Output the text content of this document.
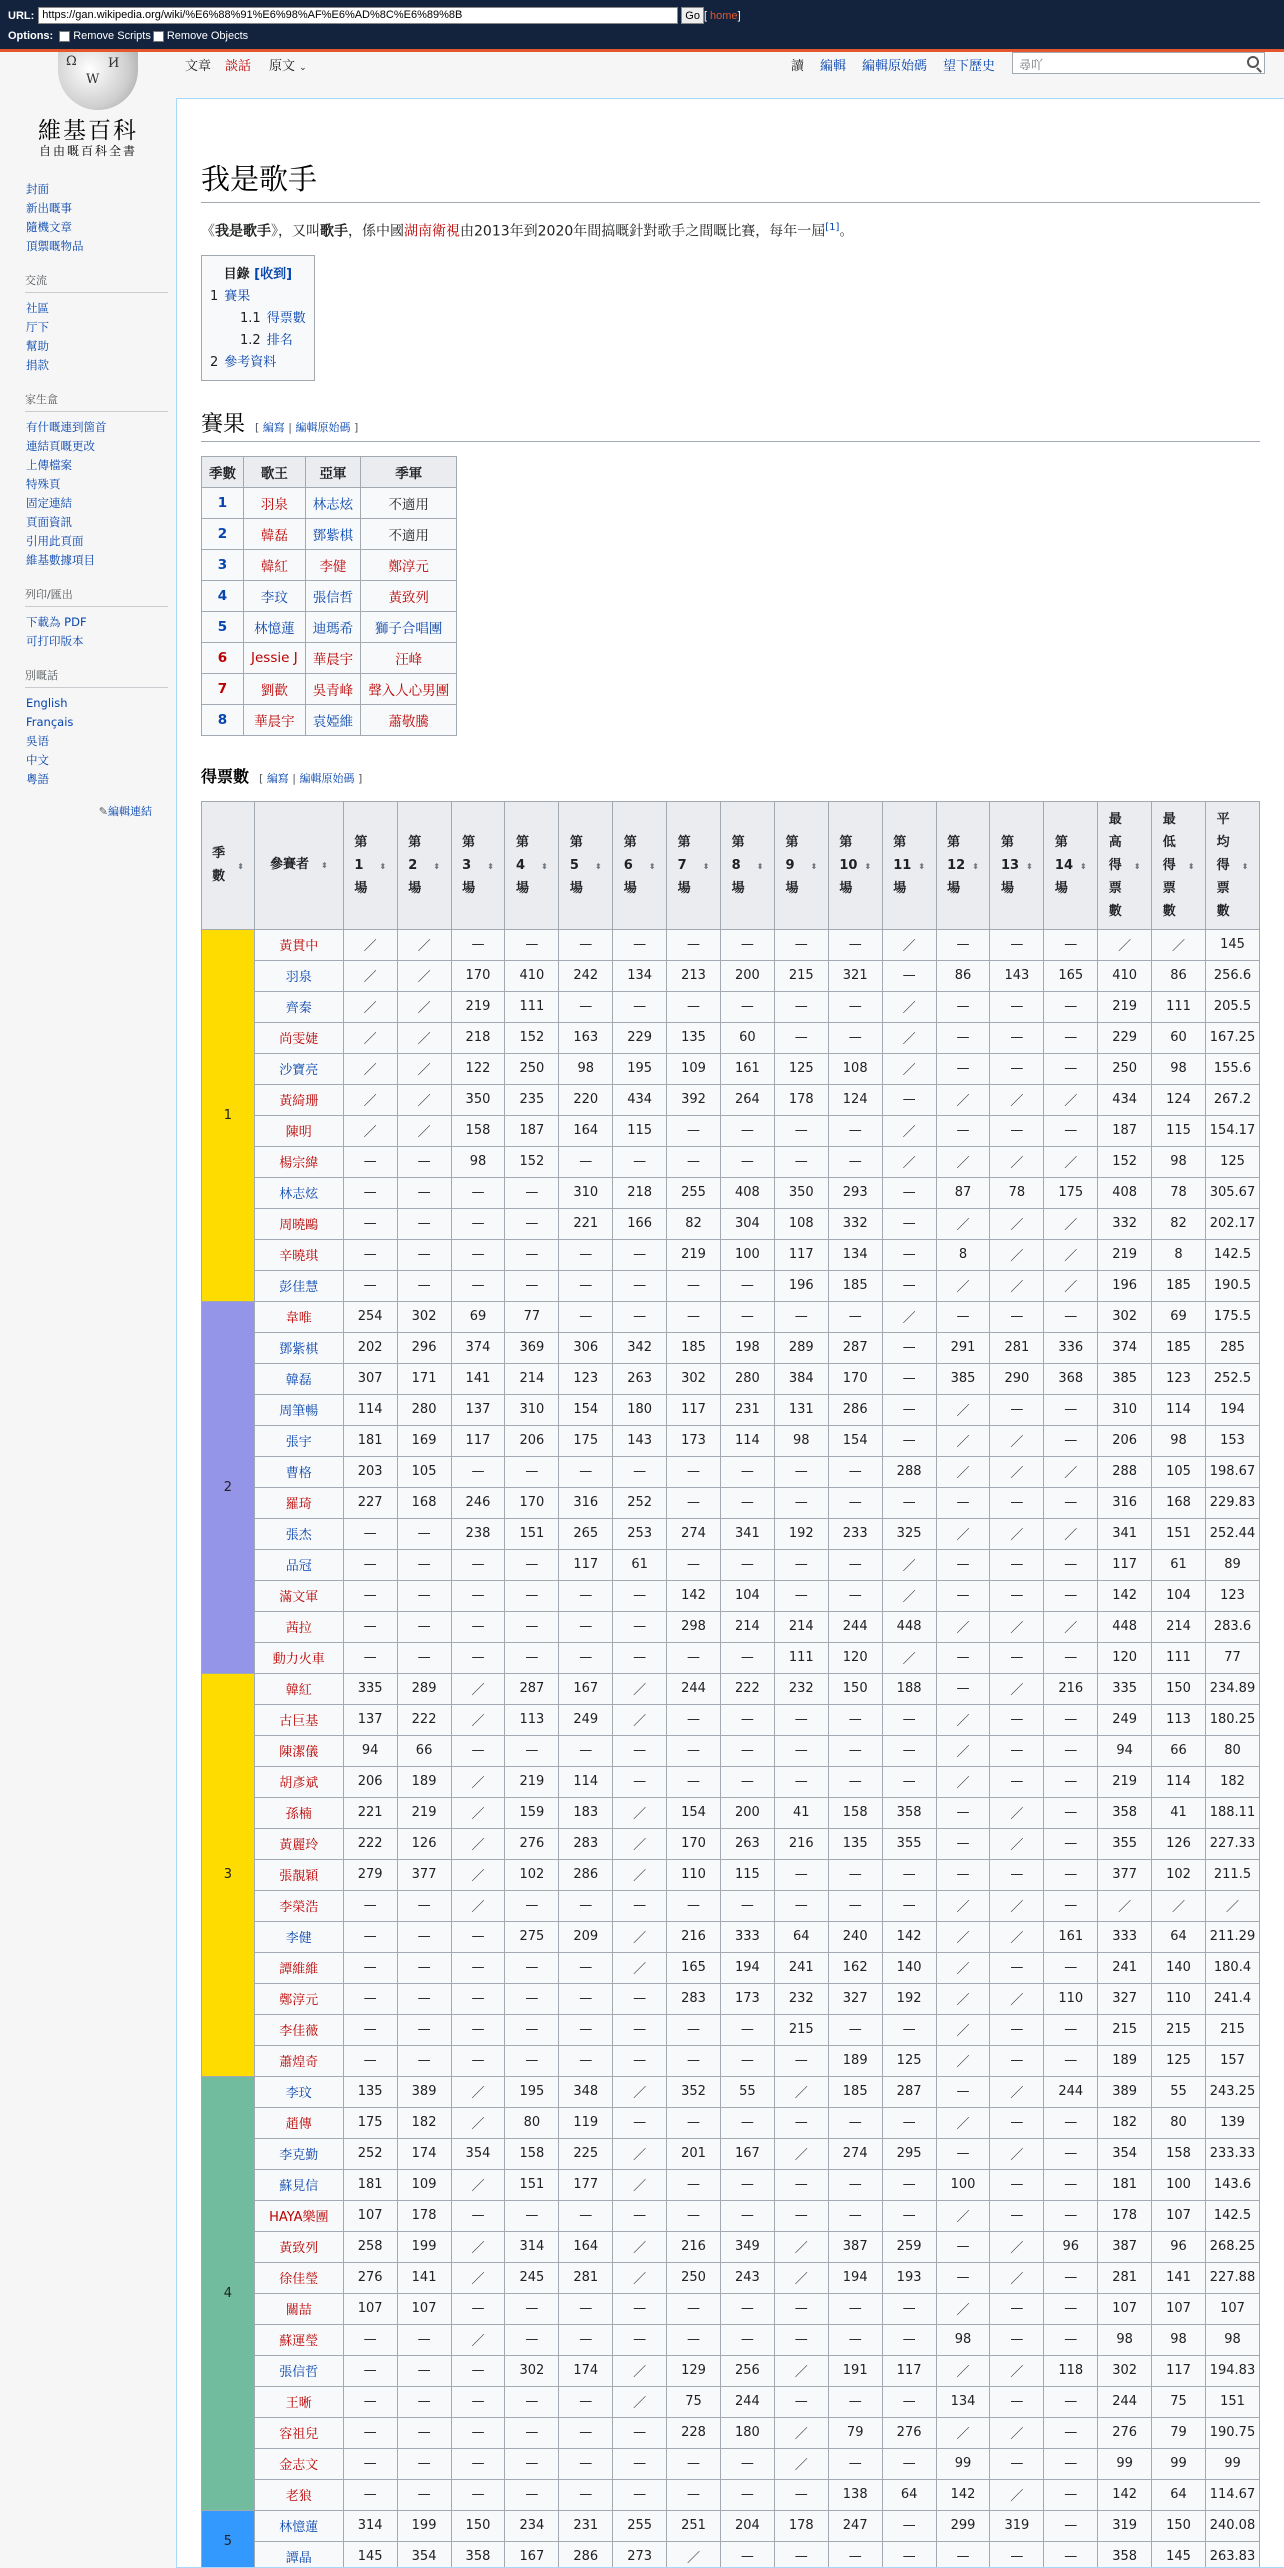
URL: https://gan.wikipedia.org/wiki/%E6%88%91%E6%98%AF%E6%AD%8C%E6%89%8B	Go [ home]
Options: Remove Scripts Remove Objects
Ω И
W
維基百科
自由嘅百科全書
文章 談話 原文 ⌄	讀 編輯 編輯原始碼 望下歷史	尋吖
封面
新出嘅事
隨機文章
頂禦嘅物品
交流
社區
厅下
幫助
捐款
家生盒
有什嘅連到箇首
連結頁嘅更改
上傳檔案
特殊頁
固定連結
頁面資訊
引用此頁面
維基數據項目
列印/匯出
下載為 PDF
可打印版本
別嘅話
English
Français
吳语
中文
粵語
✎編輯連結
我是歌手

《我是歌手》，又叫歌手，係中國湖南衛視由2013年到2020年間搞嘅針對歌手之間嘅比賽，每年一屆[1]。

目錄 [收到]
1 賽果
1.1 得票數
1.2 排名
2 參考資料
賽果 [ 編寫 | 編輯原始碼 ]
季數	歌王	亞軍	季軍
1	羽泉	林志炫	不適用
2	韓磊	鄧紫棋	不適用
3	韓紅	李健	鄭淳元
4	李玟	張信哲	黃致列
5	林憶蓮	迪瑪希	獅子合唱團
6	Jessie J	華晨宇	汪峰
7	劉歡	吳青峰	聲入人心男團
8	華晨宇	袁婭維	蕭敬騰
得票數 [ 編寫 | 編輯原始碼 ]
季數⬍	參賽者 ⬍	第1場⬍	第2場⬍	第3場⬍	第4場⬍	第5場⬍	第6場⬍	第7場⬍	第8場⬍	第9場⬍	第10場⬍	第11場⬍	第12場⬍	第13場⬍	第14場⬍	最高得票數⬍	最低得票數⬍	平均得票數⬍
1	黃貫中	／	／	—	—	—	—	—	—	—	—	／	—	—	—	／	／	145
	羽泉	／	／	170	410	242	134	213	200	215	321	—	86	143	165	410	86	256.6
	齊秦	／	／	219	111	—	—	—	—	—	—	／	—	—	—	219	111	205.5
	尚雯婕	／	／	218	152	163	229	135	60	—	—	／	—	—	—	229	60	167.25
	沙寶亮	／	／	122	250	98	195	109	161	125	108	／	—	—	—	250	98	155.6
	黃綺珊	／	／	350	235	220	434	392	264	178	124	—	／	／	／	434	124	267.2
	陳明	／	／	158	187	164	115	—	—	—	—	／	—	—	—	187	115	154.17
	楊宗緯	—	—	98	152	—	—	—	—	—	—	／	／	／	／	152	98	125
	林志炫	—	—	—	—	310	218	255	408	350	293	—	87	78	175	408	78	305.67
	周曉鷗	—	—	—	—	221	166	82	304	108	332	—	／	／	／	332	82	202.17
	辛曉琪	—	—	—	—	—	—	219	100	117	134	—	8	／	／	219	8	142.5
	彭佳慧	—	—	—	—	—	—	—	—	196	185	—	／	／	／	196	185	190.5
2	韋唯	254	302	69	77	—	—	—	—	—	—	／	—	—	—	302	69	175.5
	鄧紫棋	202	296	374	369	306	342	185	198	289	287	—	291	281	336	374	185	285
	韓磊	307	171	141	214	123	263	302	280	384	170	—	385	290	368	385	123	252.5
	周筆暢	114	280	137	310	154	180	117	231	131	286	—	／	—	—	310	114	194
	張宇	181	169	117	206	175	143	173	114	98	154	—	／	／	—	206	98	153
	曹格	203	105	—	—	—	—	—	—	—	—	288	／	／	／	288	105	198.67
	羅琦	227	168	246	170	316	252	—	—	—	—	—	—	—	—	316	168	229.83
	張杰	—	—	238	151	265	253	274	341	192	233	325	／	／	／	341	151	252.44
	品冠	—	—	—	—	117	61	—	—	—	—	／	—	—	—	117	61	89
	滿文軍	—	—	—	—	—	—	142	104	—	—	／	—	—	—	142	104	123
	茜拉	—	—	—	—	—	—	298	214	214	244	448	／	／	／	448	214	283.6
	動力火車	—	—	—	—	—	—	—	—	111	120	／	—	—	—	120	111	77
3	韓紅	335	289	／	287	167	／	244	222	232	150	188	—	／	216	335	150	234.89
	古巨基	137	222	／	113	249	／	—	—	—	—	—	／	—	—	249	113	180.25
	陳潔儀	94	66	—	—	—	—	—	—	—	—	—	／	—	—	94	66	80
	胡彥斌	206	189	／	219	114	—	—	—	—	—	—	／	—	—	219	114	182
	孫楠	221	219	／	159	183	／	154	200	41	158	358	—	／	—	358	41	188.11
	黃麗玲	222	126	／	276	283	／	170	263	216	135	355	—	／	—	355	126	227.33
	張靚穎	279	377	／	102	286	／	110	115	—	—	—	—	—	—	377	102	211.5
	李榮浩	—	—	／	—	—	—	—	—	—	—	—	／	／	—	／	／	／
	李健	—	—	—	275	209	／	216	333	64	240	142	／	／	161	333	64	211.29
	譚維維	—	—	—	—	—	／	165	194	241	162	140	／	—	—	241	140	180.4
	鄭淳元	—	—	—	—	—	—	283	173	232	327	192	／	／	110	327	110	241.4
	李佳薇	—	—	—	—	—	—	—	—	215	—	—	／	—	—	215	215	215
	蕭煌奇	—	—	—	—	—	—	—	—	—	189	125	／	—	—	189	125	157
4	李玟	135	389	／	195	348	／	352	55	／	185	287	—	／	244	389	55	243.25
	趙傳	175	182	／	80	119	—	—	—	—	—	—	／	—	—	182	80	139
	李克勤	252	174	354	158	225	／	201	167	／	274	295	—	／	—	354	158	233.33
	蘇見信	181	109	／	151	177	／	—	—	—	—	—	100	—	—	181	100	143.6
	HAYA樂團	107	178	—	—	—	—	—	—	—	—	—	／	—	—	178	107	142.5
	黃致列	258	199	／	314	164	／	216	349	／	387	259	—	／	96	387	96	268.25
	徐佳瑩	276	141	／	245	281	／	250	243	／	194	193	—	／	—	281	141	227.88
	關喆	107	107	—	—	—	—	—	—	—	—	—	／	—	—	107	107	107
	蘇運瑩	—	—	／	—	—	—	—	—	—	—	—	98	—	—	98	98	98
	張信哲	—	—	—	302	174	／	129	256	／	191	117	／	／	118	302	117	194.83
	王晰	—	—	—	—	—	／	75	244	—	—	—	134	—	—	244	75	151
	容祖兒	—	—	—	—	—	—	228	180	／	79	276	／	／	—	276	79	190.75
	金志文	—	—	—	—	—	—	—	—	／	—	—	99	—	—	99	99	99
	老狼	—	—	—	—	—	—	—	—	—	138	64	142	／	—	142	64	114.67
5	林憶蓮	314	199	150	234	231	255	251	204	178	247	—	299	319	—	319	150	240.08
	譚晶	145	354	358	167	286	273	／	—	—	—	—	—	—	—	358	145	263.83
